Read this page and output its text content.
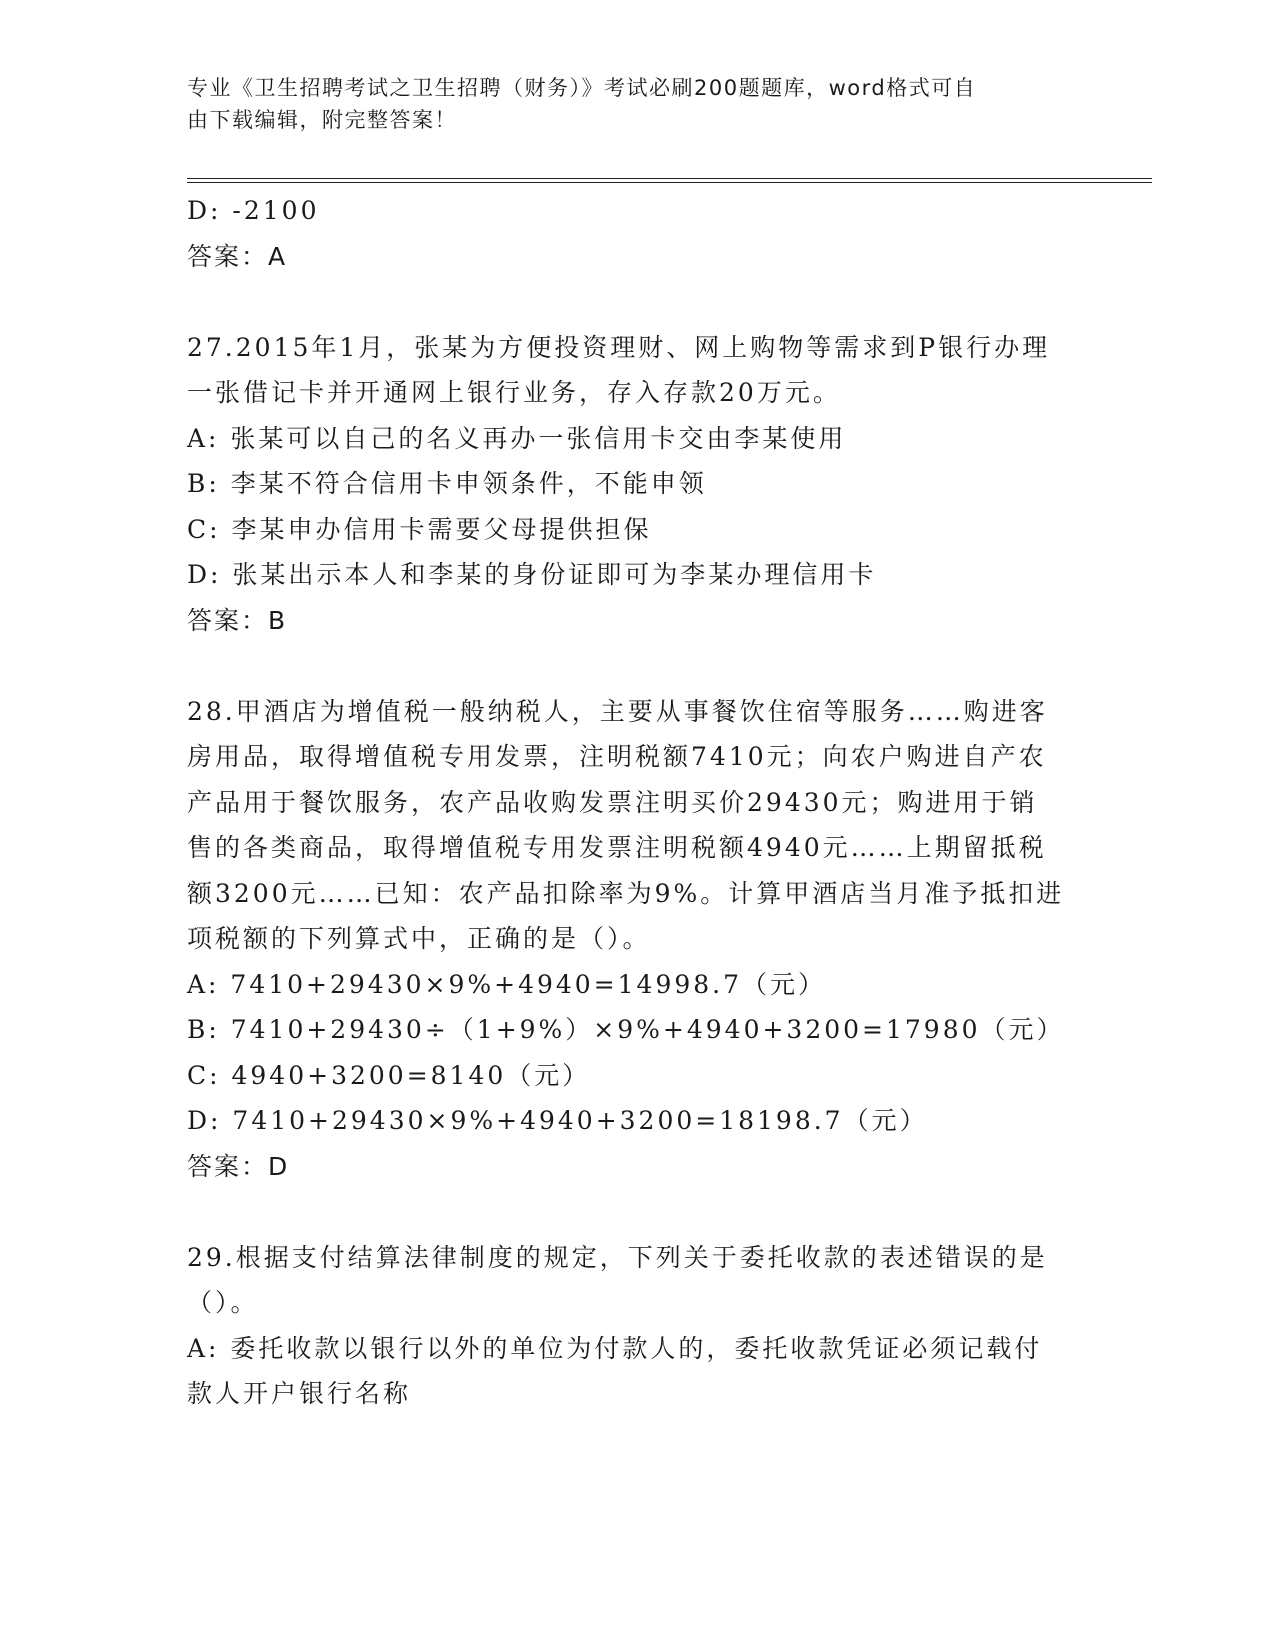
专业《卫生招聘考试之卫生招聘（财务）》考试必刷200题题库，word格式可自
由下载编辑，附完整答案！
D: -2100
答案：A
27.2015年1月，张某为方便投资理财、网上购物等需求到P银行办理
一张借记卡并开通网上银行业务，存入存款20万元。
A: 张某可以自己的名义再办一张信用卡交由李某使用
B: 李某不符合信用卡申领条件，不能申领
C: 李某申办信用卡需要父母提供担保
D: 张某出示本人和李某的身份证即可为李某办理信用卡
答案：B
28.甲酒店为增值税一般纳税人，主要从事餐饮住宿等服务……购进客
房用品，取得增值税专用发票，注明税额7410元；向农户购进自产农
产品用于餐饮服务，农产品收购发票注明买价29430元；购进用于销
售的各类商品，取得增值税专用发票注明税额4940元……上期留抵税
额3200元……已知：农产品扣除率为9%。计算甲酒店当月准予抵扣进
项税额的下列算式中，正确的是（）。
A: 7410+29430×9%+4940=14998.7（元）
B: 7410+29430÷（1+9%）×9%+4940+3200=17980（元）
C: 4940+3200=8140（元）
D: 7410+29430×9%+4940+3200=18198.7（元）
答案：D
29.根据支付结算法律制度的规定，下列关于委托收款的表述错误的是
（）。
A: 委托收款以银行以外的单位为付款人的，委托收款凭证必须记载付
款人开户银行名称
